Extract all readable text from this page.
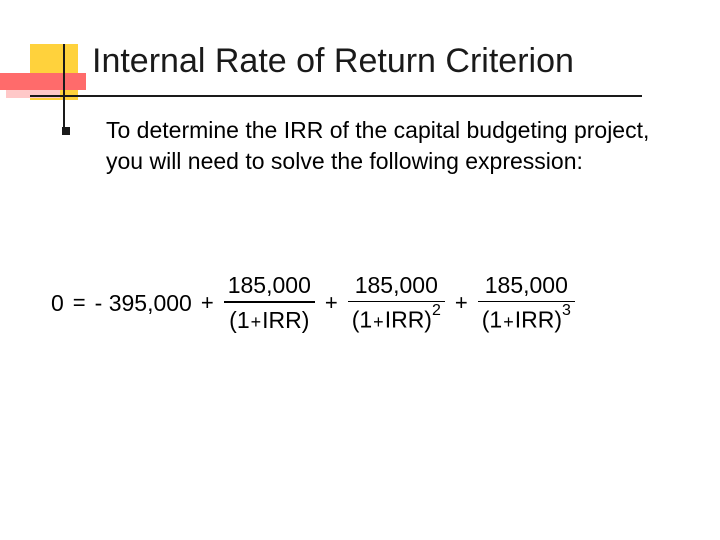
Internal Rate of Return Criterion
To determine the IRR of the capital budgeting project, you will need to solve the following expression:
0 = - $395,000 + \frac{185,000}{\text{(1+IRR)}} + \frac{185,000}{(1+IRR)^2} + \frac{185,000}{(1+IRR)^3}$
